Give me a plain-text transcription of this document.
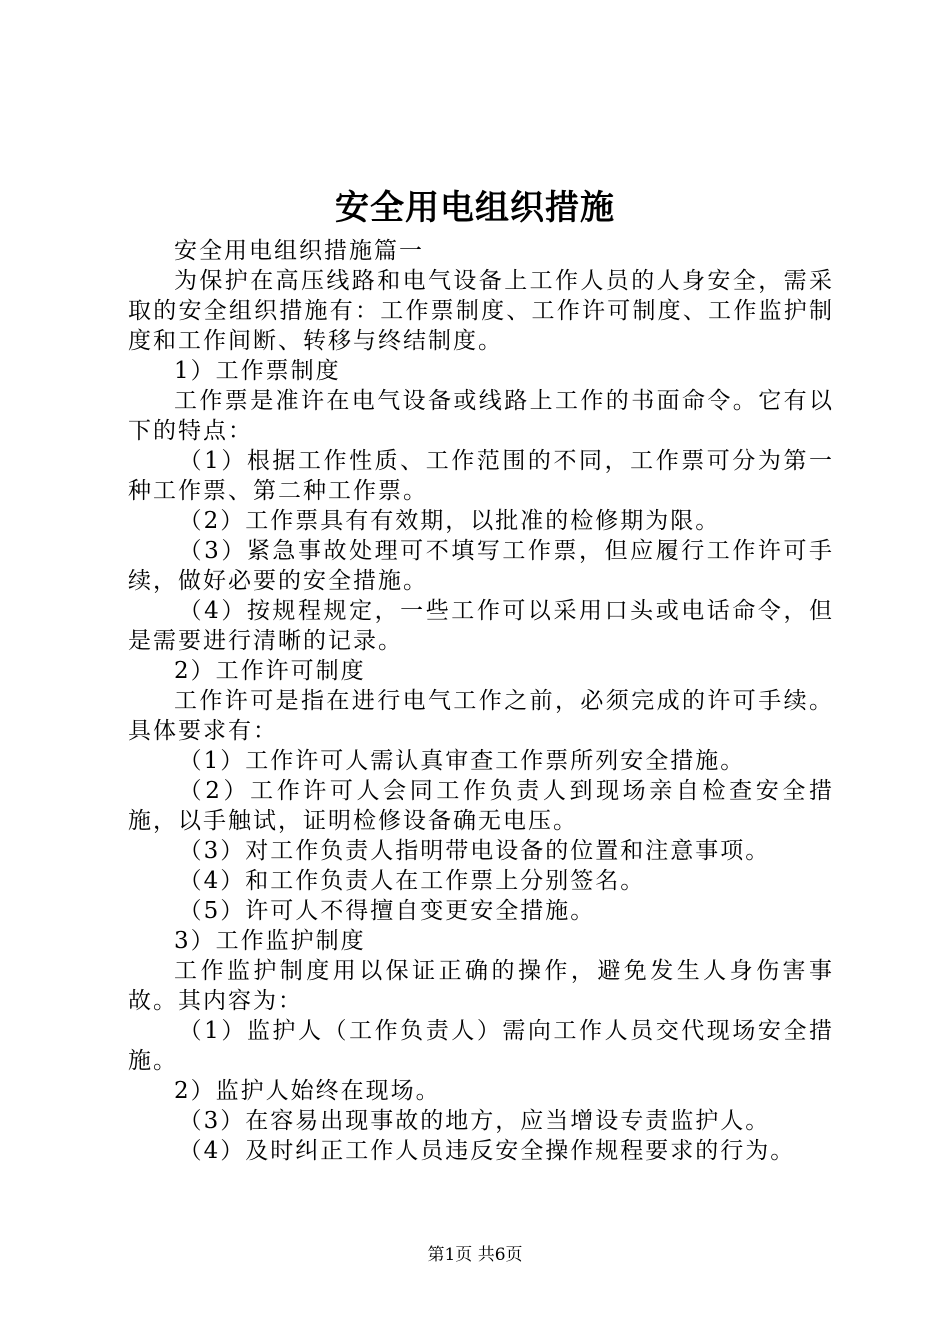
安全用电组织措施

安全用电组织措施篇一

为保护在高压线路和电气设备上工作人员的人身安全，需采取的安全组织措施有：工作票制度、工作许可制度、工作监护制度和工作间断、转移与终结制度。

1）工作票制度

工作票是准许在电气设备或线路上工作的书面命令。它有以下的特点：

（1）根据工作性质、工作范围的不同，工作票可分为第一种工作票、第二种工作票。

（2）工作票具有有效期，以批准的检修期为限。

（3）紧急事故处理可不填写工作票，但应履行工作许可手续，做好必要的安全措施。

（4）按规程规定，一些工作可以采用口头或电话命令，但是需要进行清晰的记录。

2）工作许可制度

工作许可是指在进行电气工作之前，必须完成的许可手续。具体要求有：

（1）工作许可人需认真审查工作票所列安全措施。

（2）工作许可人会同工作负责人到现场亲自检查安全措施，以手触试，证明检修设备确无电压。

（3）对工作负责人指明带电设备的位置和注意事项。

（4）和工作负责人在工作票上分别签名。

（5）许可人不得擅自变更安全措施。

3）工作监护制度

工作监护制度用以保证正确的操作，避免发生人身伤害事故。其内容为：

（1）监护人（工作负责人）需向工作人员交代现场安全措施。

2）监护人始终在现场。

（3）在容易出现事故的地方，应当增设专责监护人。

（4）及时纠正工作人员违反安全操作规程要求的行为。

第1页 共6页
